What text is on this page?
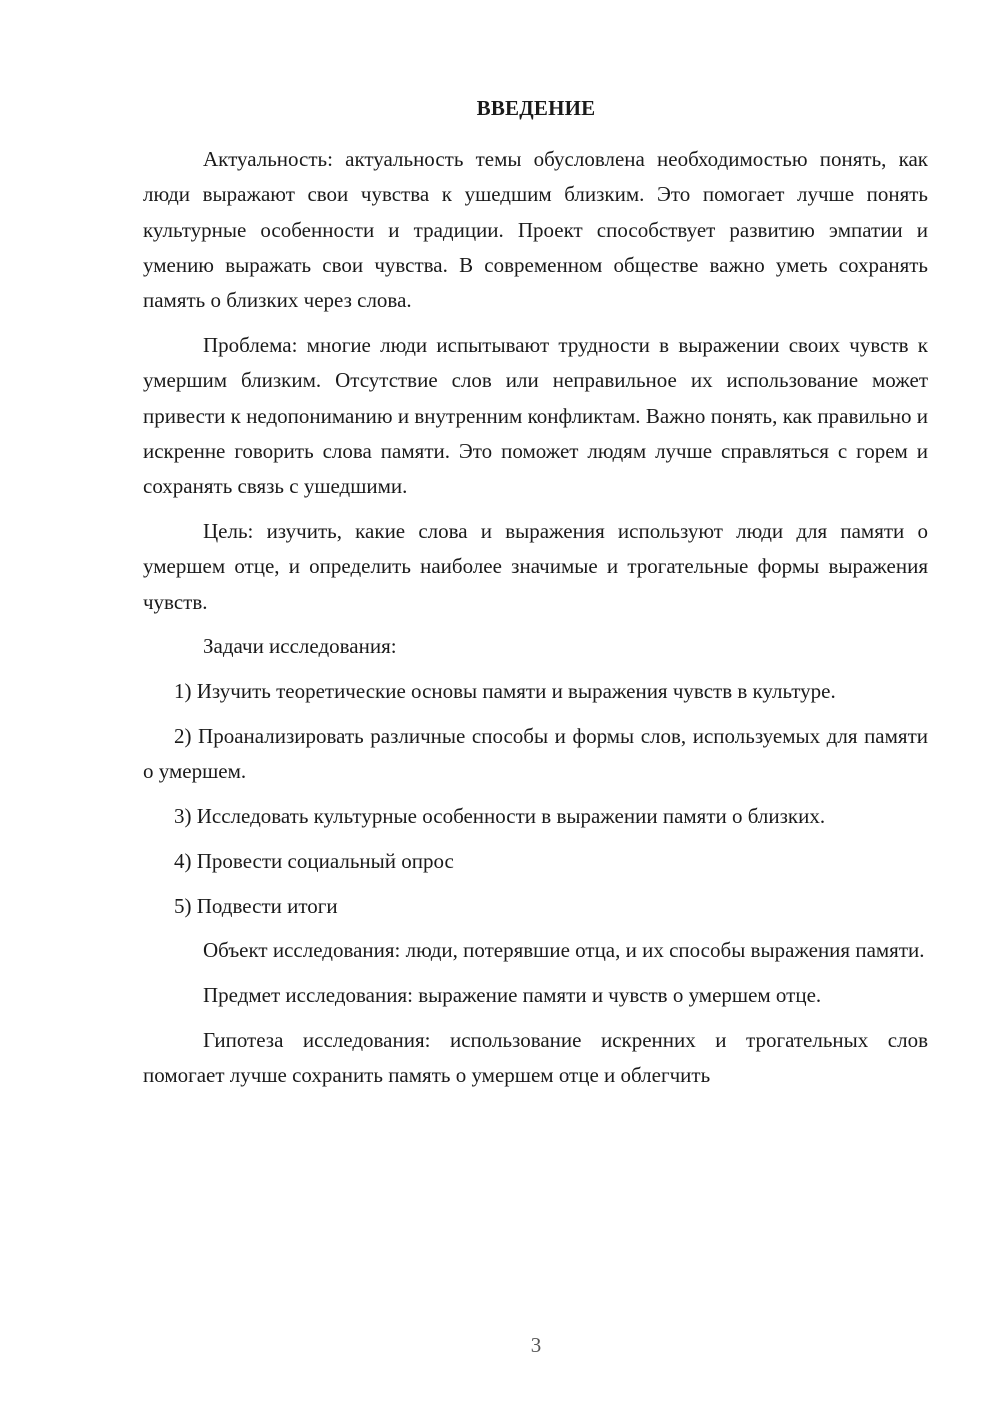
ВВЕДЕНИЕ

Актуальность: актуальность темы обусловлена необходимостью понять, как люди выражают свои чувства к ушедшим близким. Это помогает лучше понять культурные особенности и традиции. Проект способствует развитию эмпатии и умению выражать свои чувства. В современном обществе важно уметь сохранять память о близких через слова.

Проблема: многие люди испытывают трудности в выражении своих чувств к умершим близким. Отсутствие слов или неправильное их использование может привести к недопониманию и внутренним конфликтам. Важно понять, как правильно и искренне говорить слова памяти. Это поможет людям лучше справляться с горем и сохранять связь с ушедшими.

Цель: изучить, какие слова и выражения используют люди для памяти о умершем отце, и определить наиболее значимые и трогательные формы выражения чувств.

Задачи исследования:

1) Изучить теоретические основы памяти и выражения чувств в культуре.

2) Проанализировать различные способы и формы слов, используемых для памяти о умершем.

3) Исследовать культурные особенности в выражении памяти о близких.

4) Провести социальный опрос

5) Подвести итоги

Объект исследования: люди, потерявшие отца, и их способы выражения памяти.

Предмет исследования: выражение памяти и чувств о умершем отце.

Гипотеза исследования: использование искренних и трогательных слов помогает лучше сохранить память о умершем отце и облегчить

3
